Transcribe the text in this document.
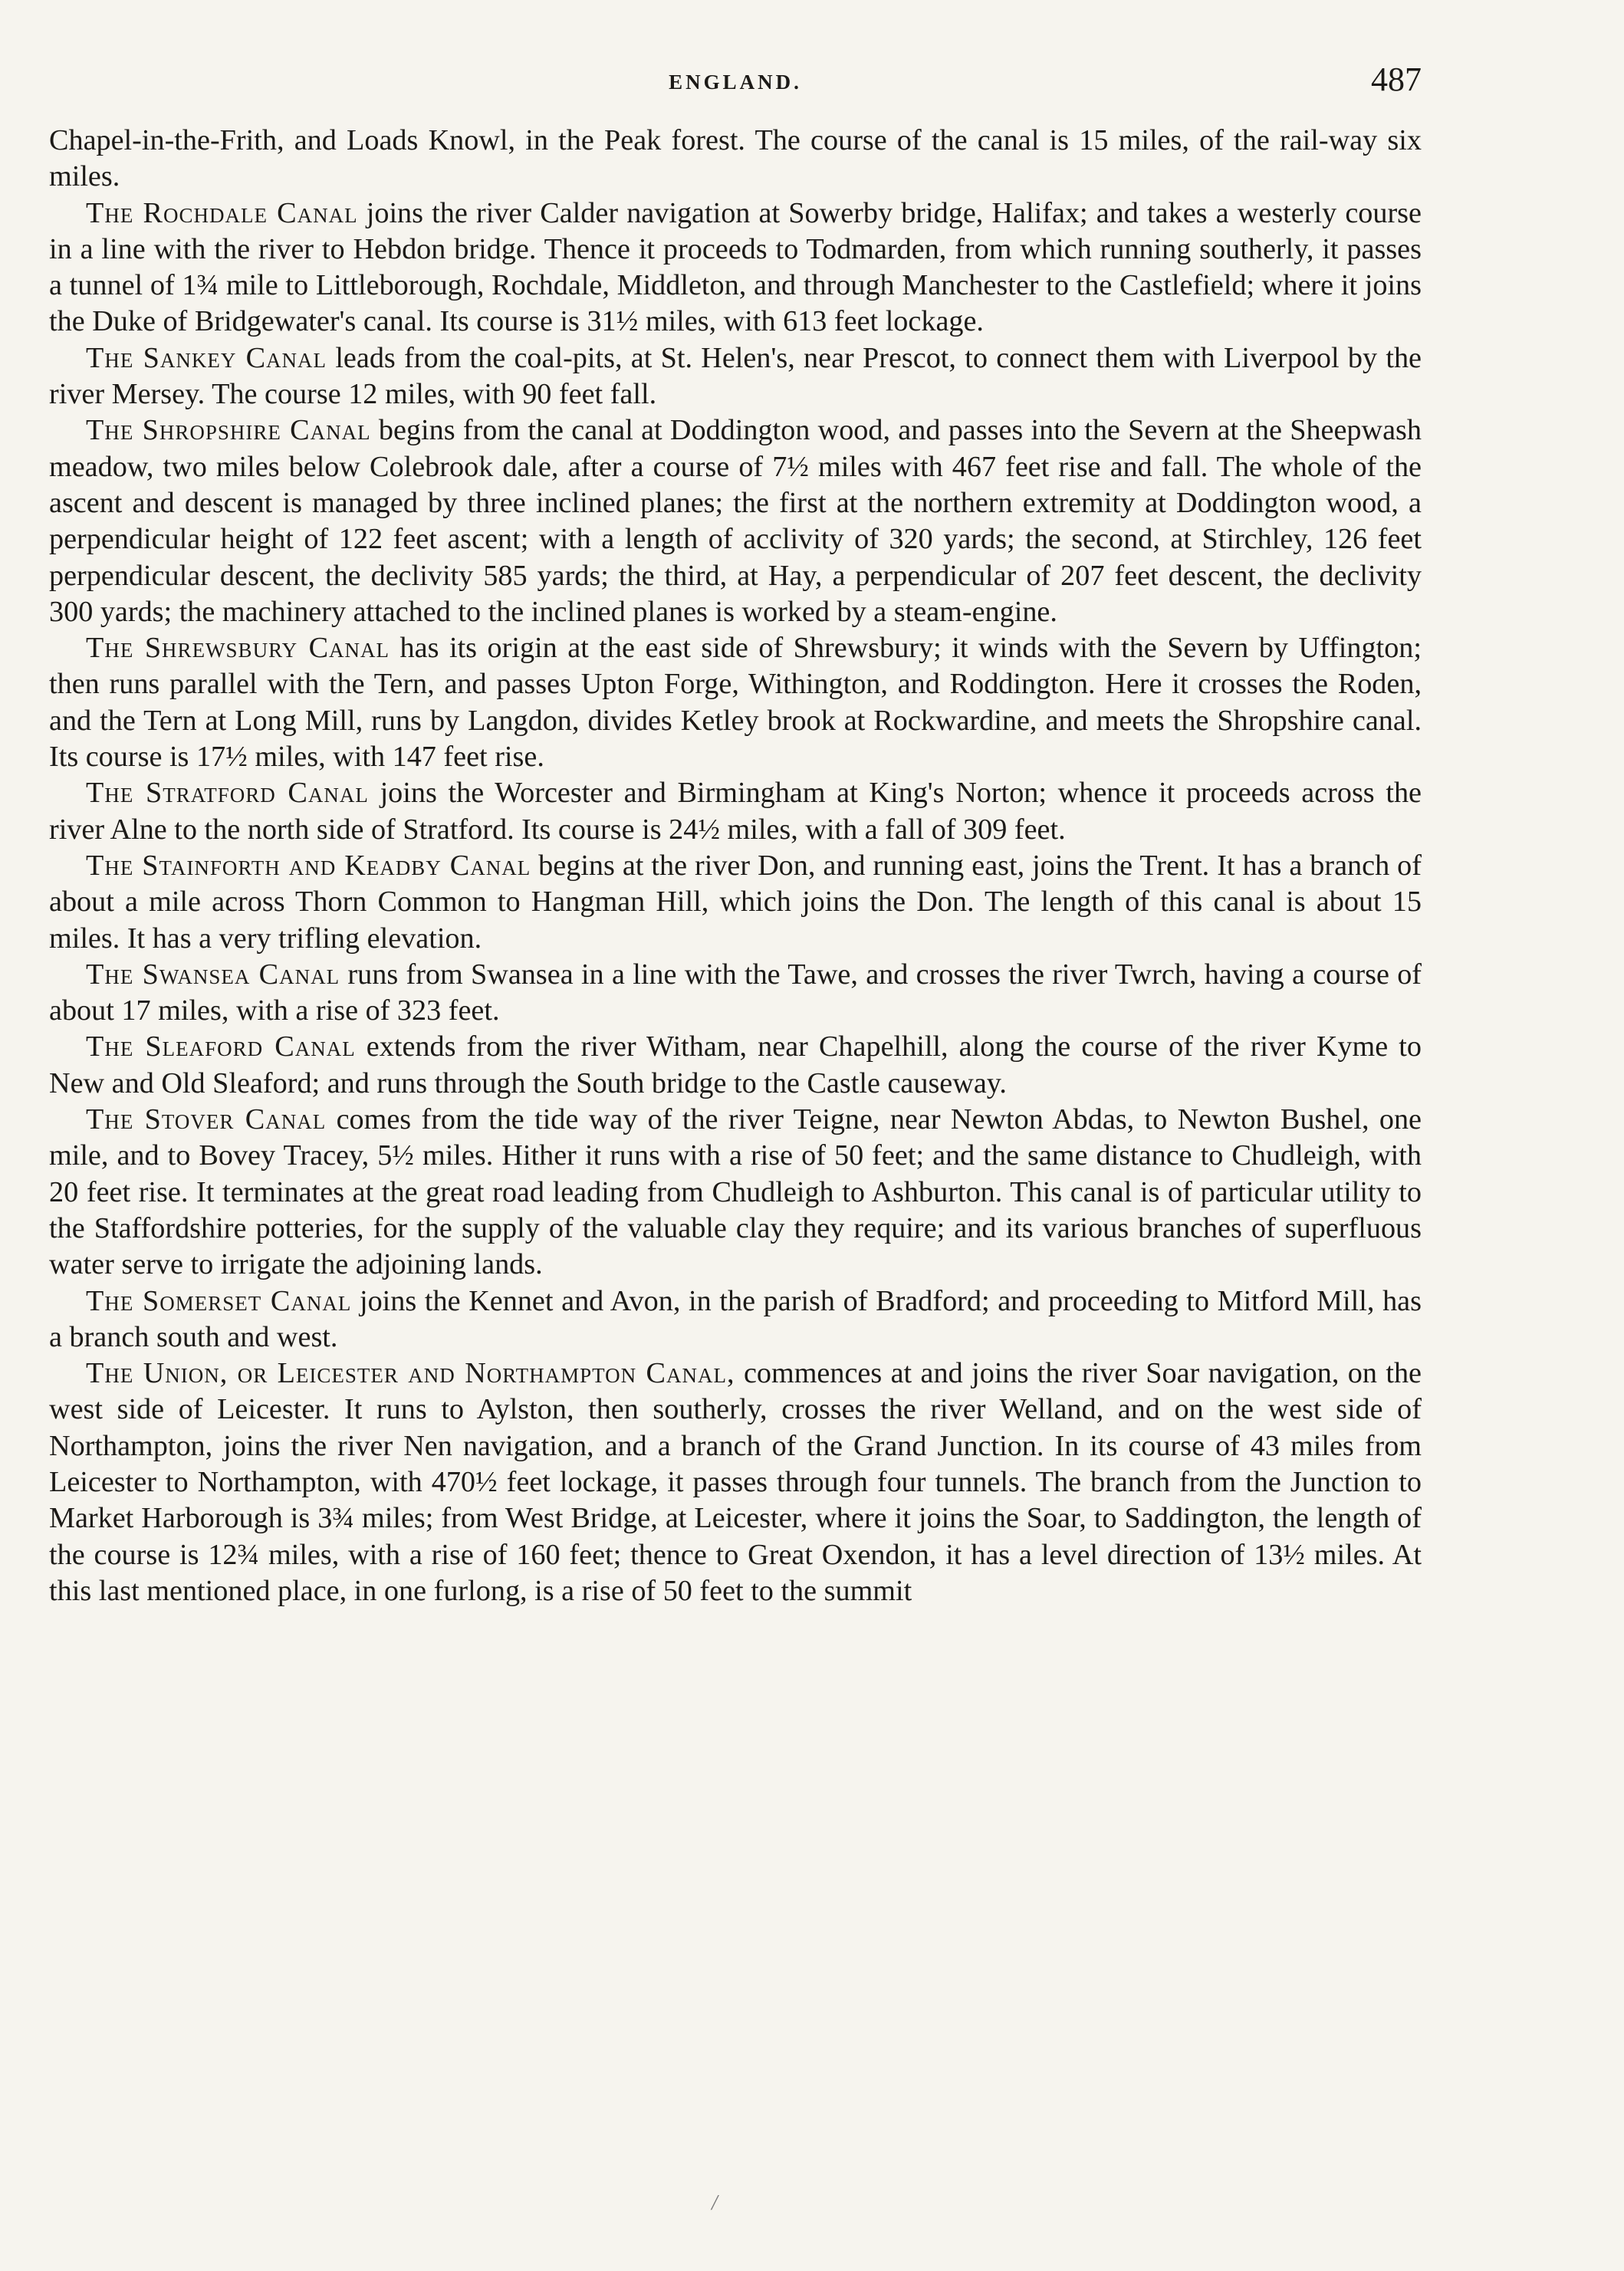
ENGLAND.	487

Chapel-in-the-Frith, and Loads Knowl, in the Peak forest. The course of the canal is 15 miles, of the rail-way six miles.

The Rochdale Canal joins the river Calder navigation at Sowerby bridge, Halifax; and takes a westerly course in a line with the river to Hebdon bridge. Thence it proceeds to Todmarden, from which running southerly, it passes a tunnel of 1¾ mile to Littleborough, Rochdale, Middleton, and through Manchester to the Castlefield; where it joins the Duke of Bridgewater's canal. Its course is 31½ miles, with 613 feet lockage.

The Sankey Canal leads from the coal-pits, at St. Helen's, near Prescot, to connect them with Liverpool by the river Mersey. The course 12 miles, with 90 feet fall.

The Shropshire Canal begins from the canal at Doddington wood, and passes into the Severn at the Sheepwash meadow, two miles below Colebrook dale, after a course of 7½ miles with 467 feet rise and fall. The whole of the ascent and descent is managed by three inclined planes; the first at the northern extremity at Doddington wood, a perpendicular height of 122 feet ascent; with a length of acclivity of 320 yards; the second, at Stirchley, 126 feet perpendicular descent, the declivity 585 yards; the third, at Hay, a perpendicular of 207 feet descent, the declivity 300 yards; the machinery attached to the inclined planes is worked by a steam-engine.

The Shrewsbury Canal has its origin at the east side of Shrewsbury; it winds with the Severn by Uffington; then runs parallel with the Tern, and passes Upton Forge, Withington, and Roddington. Here it crosses the Roden, and the Tern at Long Mill, runs by Langdon, divides Ketley brook at Rockwardine, and meets the Shropshire canal. Its course is 17½ miles, with 147 feet rise.

The Stratford Canal joins the Worcester and Birmingham at King's Norton; whence it proceeds across the river Alne to the north side of Stratford. Its course is 24½ miles, with a fall of 309 feet.

The Stainforth and Keadby Canal begins at the river Don, and running east, joins the Trent. It has a branch of about a mile across Thorn Common to Hangman Hill, which joins the Don. The length of this canal is about 15 miles. It has a very trifling elevation.

The Swansea Canal runs from Swansea in a line with the Tawe, and crosses the river Twrch, having a course of about 17 miles, with a rise of 323 feet.

The Sleaford Canal extends from the river Witham, near Chapelhill, along the course of the river Kyme to New and Old Sleaford; and runs through the South bridge to the Castle causeway.

The Stover Canal comes from the tide way of the river Teigne, near Newton Abdas, to Newton Bushel, one mile, and to Bovey Tracey, 5½ miles. Hither it runs with a rise of 50 feet; and the same distance to Chudleigh, with 20 feet rise. It terminates at the great road leading from Chudleigh to Ashburton. This canal is of particular utility to the Staffordshire potteries, for the supply of the valuable clay they require; and its various branches of superfluous water serve to irrigate the adjoining lands.

The Somerset Canal joins the Kennet and Avon, in the parish of Bradford; and proceeding to Mitford Mill, has a branch south and west.

The Union, or Leicester and Northampton Canal, commences at and joins the river Soar navigation, on the west side of Leicester. It runs to Aylston, then southerly, crosses the river Welland, and on the west side of Northampton, joins the river Nen navigation, and a branch of the Grand Junction. In its course of 43 miles from Leicester to Northampton, with 470½ feet lockage, it passes through four tunnels. The branch from the Junction to Market Harborough is 3¾ miles; from West Bridge, at Leicester, where it joins the Soar, to Saddington, the length of the course is 12¾ miles, with a rise of 160 feet; thence to Great Oxendon, it has a level direction of 13½ miles. At this last mentioned place, in one furlong, is a rise of 50 feet to the summit

/
